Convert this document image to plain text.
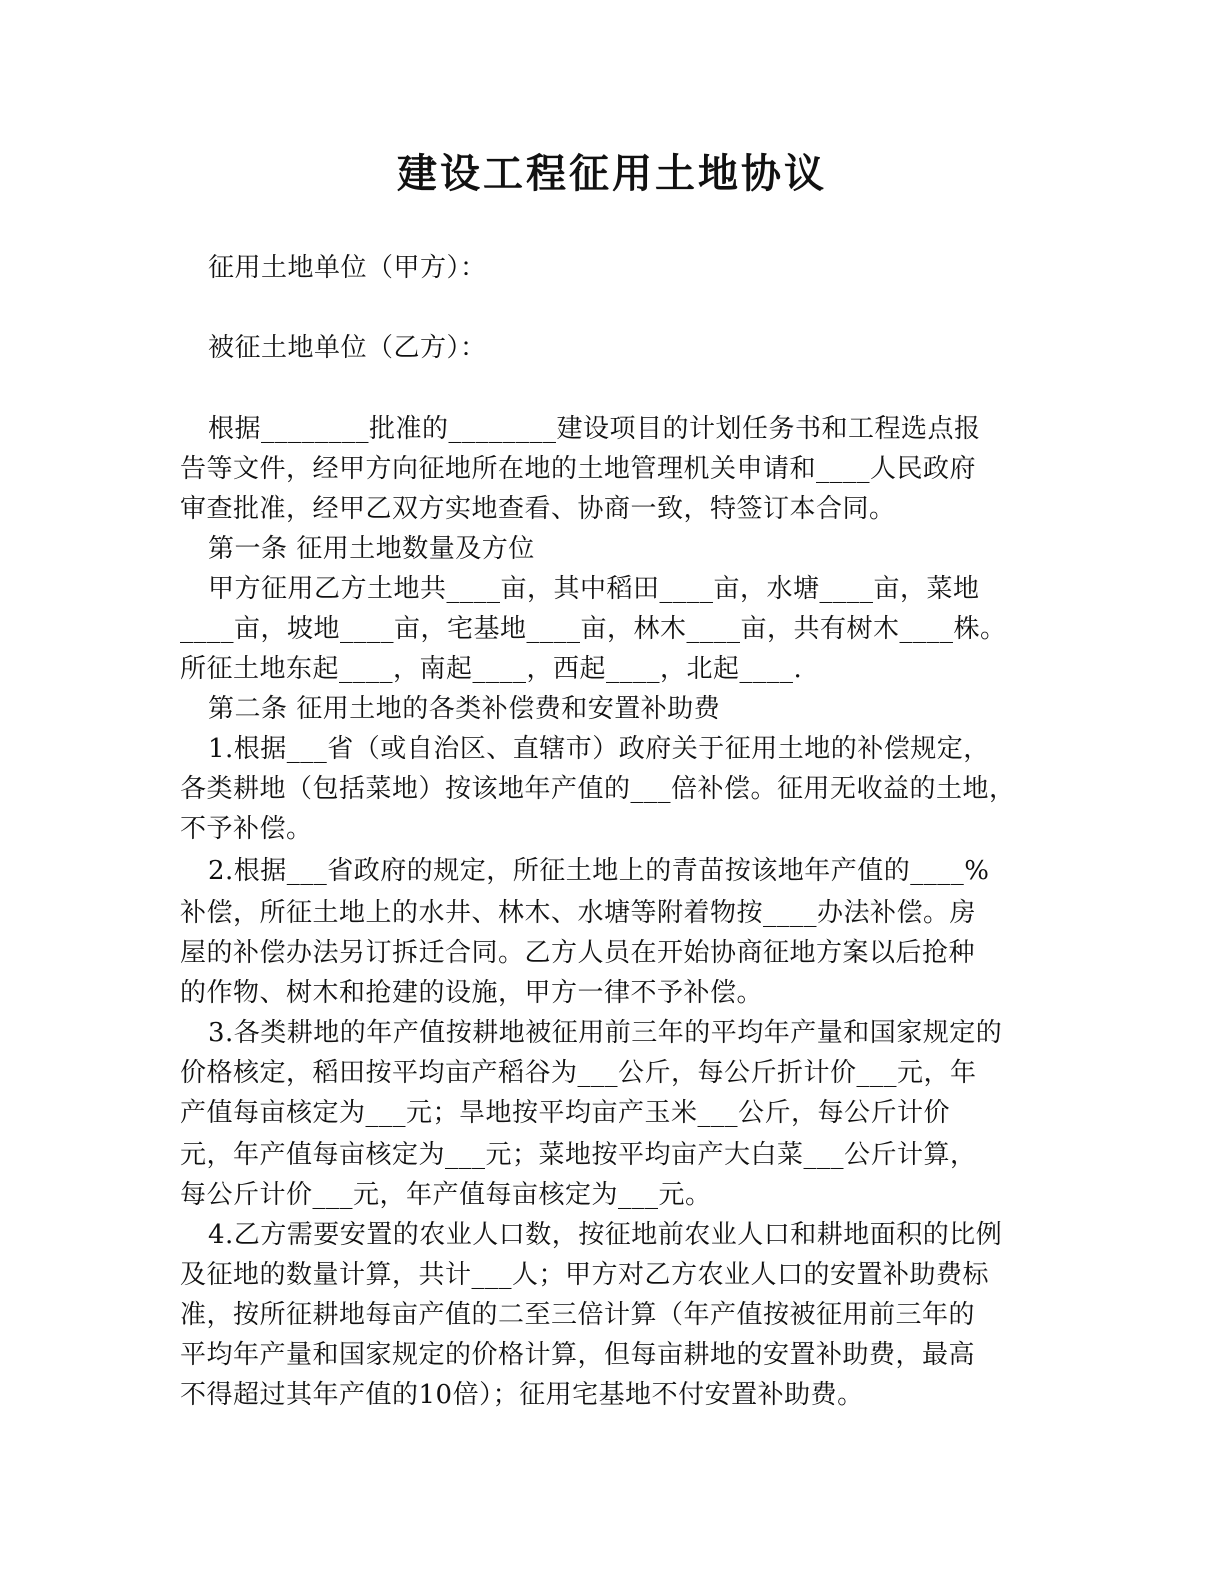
建设工程征用土地协议
征用土地单位（甲方）：
被征土地单位（乙方）：
根据________批准的________建设项目的计划任务书和工程选点报
告等文件，经甲方向征地所在地的土地管理机关申请和____人民政府
审查批准，经甲乙双方实地查看、协商一致，特签订本合同。
第一条 征用土地数量及方位
甲方征用乙方土地共____亩，其中稻田____亩，水塘____亩，菜地
____亩，坡地____亩，宅基地____亩，林木____亩，共有树木____株。
所征土地东起____，南起____，西起____，北起____.
第二条 征用土地的各类补偿费和安置补助费
1.根据___省（或自治区、直辖市）政府关于征用土地的补偿规定，
各类耕地（包括菜地）按该地年产值的___倍补偿。征用无收益的土地，
不予补偿。
2.根据___省政府的规定，所征土地上的青苗按该地年产值的____%
补偿，所征土地上的水井、林木、水塘等附着物按____办法补偿。房
屋的补偿办法另订拆迁合同。乙方人员在开始协商征地方案以后抢种
的作物、树木和抢建的设施，甲方一律不予补偿。
3.各类耕地的年产值按耕地被征用前三年的平均年产量和国家规定的
价格核定，稻田按平均亩产稻谷为___公斤，每公斤折计价___元，年
产值每亩核定为___元；旱地按平均亩产玉米___公斤，每公斤计价
元，年产值每亩核定为___元；菜地按平均亩产大白菜___公斤计算，
每公斤计价___元，年产值每亩核定为___元。
4.乙方需要安置的农业人口数，按征地前农业人口和耕地面积的比例
及征地的数量计算，共计___人；甲方对乙方农业人口的安置补助费标
准，按所征耕地每亩产值的二至三倍计算（年产值按被征用前三年的
平均年产量和国家规定的价格计算，但每亩耕地的安置补助费，最高
不得超过其年产值的10倍）；征用宅基地不付安置补助费。
